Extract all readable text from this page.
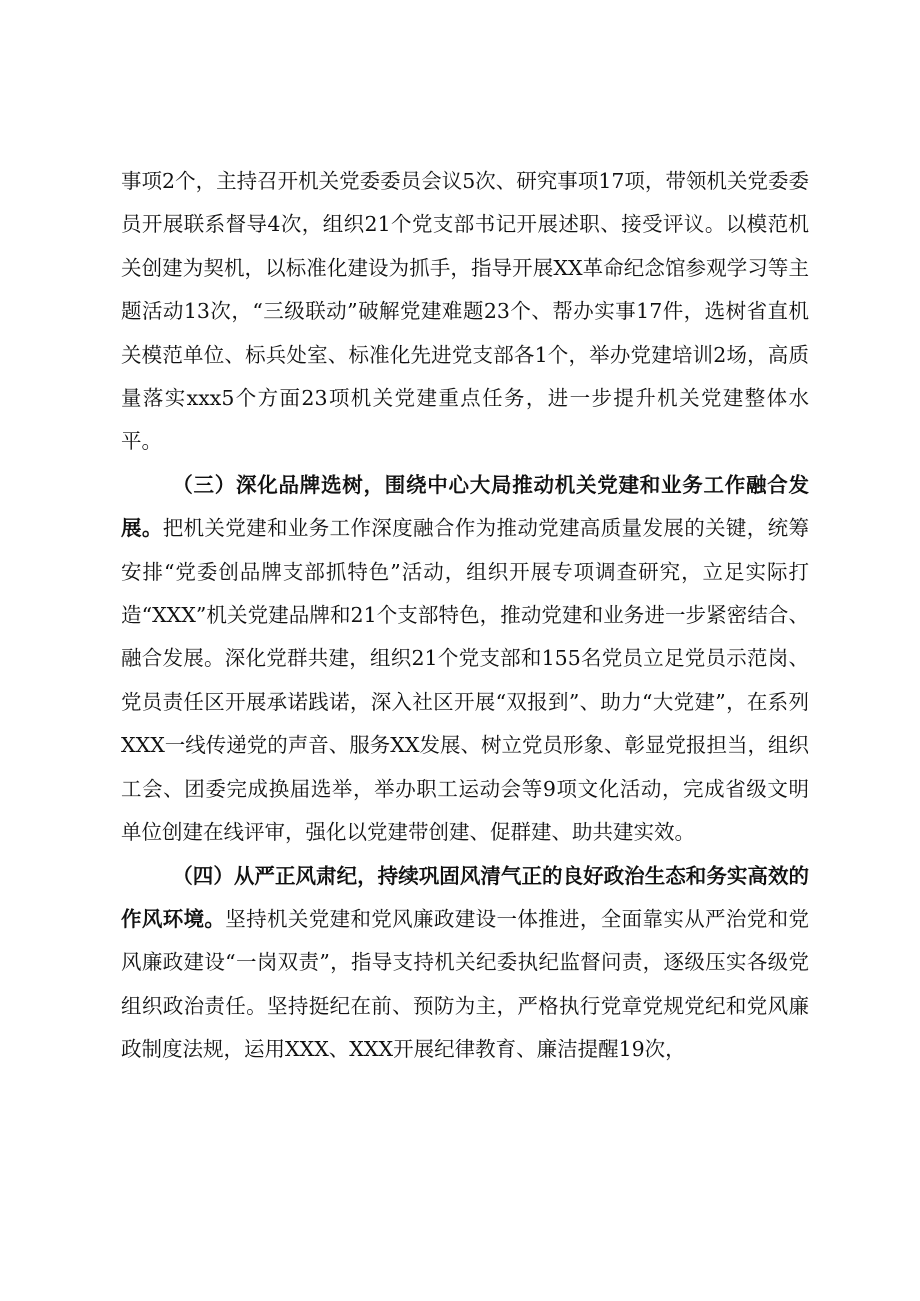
事项2个，主持召开机关党委委员会议5次、研究事项17项，带领机关党委委员开展联系督导4次，组织21个党支部书记开展述职、接受评议。以模范机关创建为契机，以标准化建设为抓手，指导开展XX革命纪念馆参观学习等主题活动13次，“三级联动”破解党建难题23个、帮办实事17件，选树省直机关模范单位、标兵处室、标准化先进党支部各1个，举办党建培训2场，高质量落实xxx5个方面23项机关党建重点任务，进一步提升机关党建整体水平。

（三）深化品牌选树，围绕中心大局推动机关党建和业务工作融合发展。把机关党建和业务工作深度融合作为推动党建高质量发展的关键，统筹安排“党委创品牌支部抓特色”活动，组织开展专项调查研究，立足实际打造“XXX”机关党建品牌和21个支部特色，推动党建和业务进一步紧密结合、融合发展。深化党群共建，组织21个党支部和155名党员立足党员示范岗、党员责任区开展承诺践诺，深入社区开展“双报到”、助力“大党建”，在系列XXX一线传递党的声音、服务XX发展、树立党员形象、彰显党报担当，组织工会、团委完成换届选举，举办职工运动会等9项文化活动，完成省级文明单位创建在线评审，强化以党建带创建、促群建、助共建实效。

（四）从严正风肃纪，持续巩固风清气正的良好政治生态和务实高效的作风环境。坚持机关党建和党风廉政建设一体推进，全面靠实从严治党和党风廉政建设“一岗双责”，指导支持机关纪委执纪监督问责，逐级压实各级党组织政治责任。坚持挺纪在前、预防为主，严格执行党章党规党纪和党风廉政制度法规，运用XXX、XXX开展纪律教育、廉洁提醒19次，
